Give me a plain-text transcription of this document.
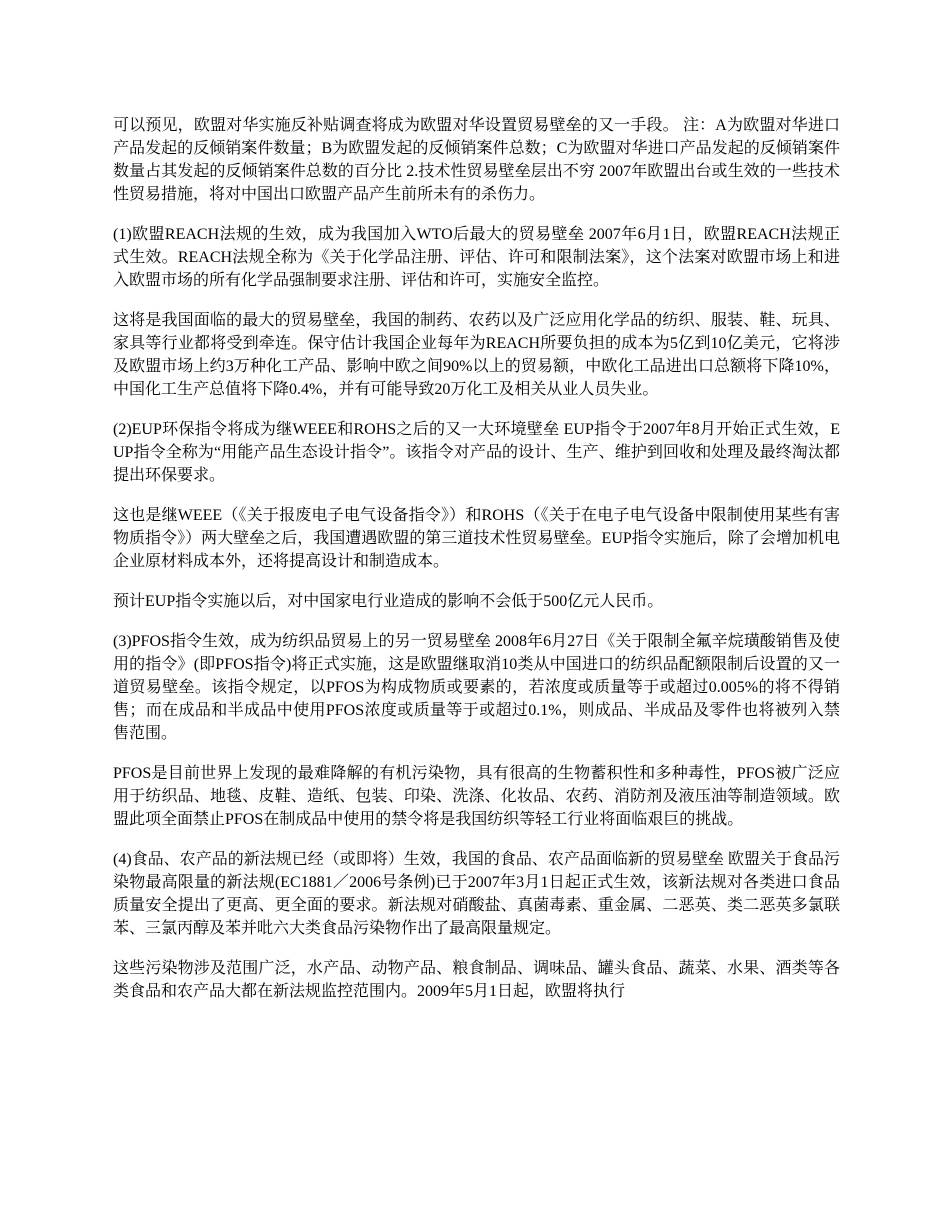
可以预见，欧盟对华实施反补贴调查将成为欧盟对华设置贸易壁垒的又一手段。 注：A为欧盟对华进口产品发起的反倾销案件数量；B为欧盟发起的反倾销案件总数；C为欧盟对华进口产品发起的反倾销案件数量占其发起的反倾销案件总数的百分比 2.技术性贸易壁垒层出不穷 2007年欧盟出台或生效的一些技术性贸易措施，将对中国出口欧盟产品产生前所未有的杀伤力。

(1)欧盟REACH法规的生效，成为我国加入WTO后最大的贸易壁垒 2007年6月1日，欧盟REACH法规正式生效。REACH法规全称为《关于化学品注册、评估、许可和限制法案》，这个法案对欧盟市场上和进入欧盟市场的所有化学品强制要求注册、评估和许可，实施安全监控。

这将是我国面临的最大的贸易壁垒，我国的制药、农药以及广泛应用化学品的纺织、服装、鞋、玩具、家具等行业都将受到牵连。保守估计我国企业每年为REACH所要负担的成本为5亿到10亿美元，它将涉及欧盟市场上约3万种化工产品、影响中欧之间90%以上的贸易额，中欧化工品进出口总额将下降10%，中国化工生产总值将下降0.4%，并有可能导致20万化工及相关从业人员失业。

(2)EUP环保指令将成为继WEEE和ROHS之后的又一大环境壁垒 EUP指令于2007年8月开始正式生效，EUP指令全称为“用能产品生态设计指令”。该指令对产品的设计、生产、维护到回收和处理及最终淘汰都提出环保要求。

这也是继WEEE（《关于报废电子电气设备指令》）和ROHS（《关于在电子电气设备中限制使用某些有害物质指令》）两大壁垒之后，我国遭遇欧盟的第三道技术性贸易壁垒。EUP指令实施后，除了会增加机电企业原材料成本外，还将提高设计和制造成本。

预计EUP指令实施以后，对中国家电行业造成的影响不会低于500亿元人民币。

(3)PFOS指令生效，成为纺织品贸易上的另一贸易壁垒 2008年6月27日《关于限制全氟辛烷璜酸销售及使用的指令》(即PFOS指令)将正式实施，这是欧盟继取消10类从中国进口的纺织品配额限制后设置的又一道贸易壁垒。该指令规定，以PFOS为构成物质或要素的，若浓度或质量等于或超过0.005%的将不得销售；而在成品和半成品中使用PFOS浓度或质量等于或超过0.1%，则成品、半成品及零件也将被列入禁售范围。

PFOS是目前世界上发现的最难降解的有机污染物，具有很高的生物蓄积性和多种毒性，PFOS被广泛应用于纺织品、地毯、皮鞋、造纸、包装、印染、洗涤、化妆品、农药、消防剂及液压油等制造领域。欧盟此项全面禁止PFOS在制成品中使用的禁令将是我国纺织等轻工行业将面临艰巨的挑战。

(4)食品、农产品的新法规已经（或即将）生效，我国的食品、农产品面临新的贸易壁垒 欧盟关于食品污染物最高限量的新法规(EC1881／2006号条例)已于2007年3月1日起正式生效，该新法规对各类进口食品质量安全提出了更高、更全面的要求。新法规对硝酸盐、真菌毒素、重金属、二恶英、类二恶英多氯联苯、三氯丙醇及苯并吡六大类食品污染物作出了最高限量规定。

这些污染物涉及范围广泛，水产品、动物产品、粮食制品、调味品、罐头食品、蔬菜、水果、酒类等各类食品和农产品大都在新法规监控范围内。2009年5月1日起，欧盟将执行
